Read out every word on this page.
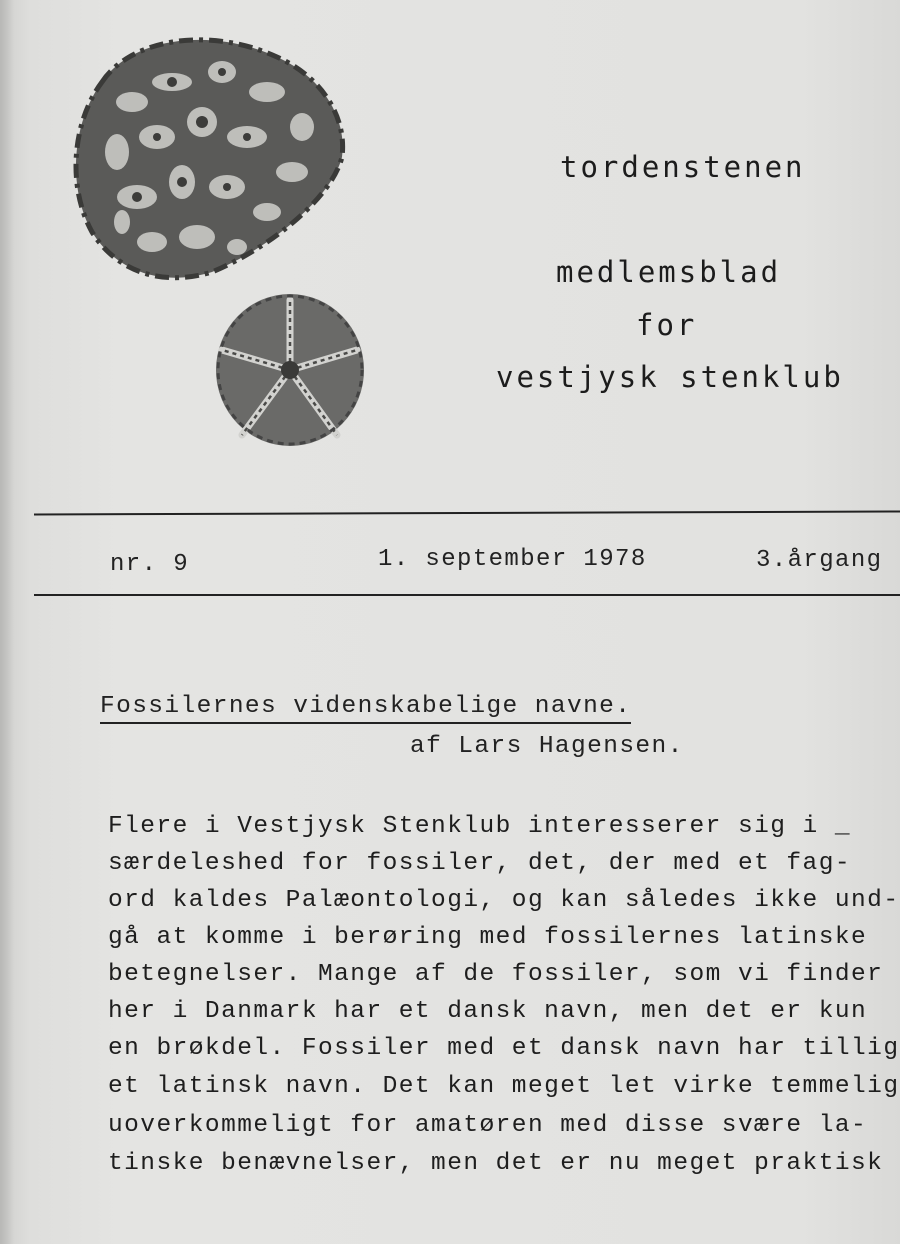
tordenstenen
medlemsblad
for
vestjysk stenklub
nr. 9	1. september 1978	3.årgang
Fossilernes videnskabelige navne.
af Lars Hagensen.
Flere i Vestjysk Stenklub interesserer sig i _
særdeleshed for fossiler, det, der med et fag-
ord kaldes Palæontologi, og kan således ikke und-
gå at komme i berøring med fossilernes latinske
betegnelser. Mange af de fossiler, som vi finder
her i Danmark har et dansk navn, men det er kun
en brøkdel. Fossiler med et dansk navn har tillig
et latinsk navn. Det kan meget let virke temmelig
uoverkommeligt for amatøren med disse svære la-
tinske benævnelser, men det er nu meget praktisk
